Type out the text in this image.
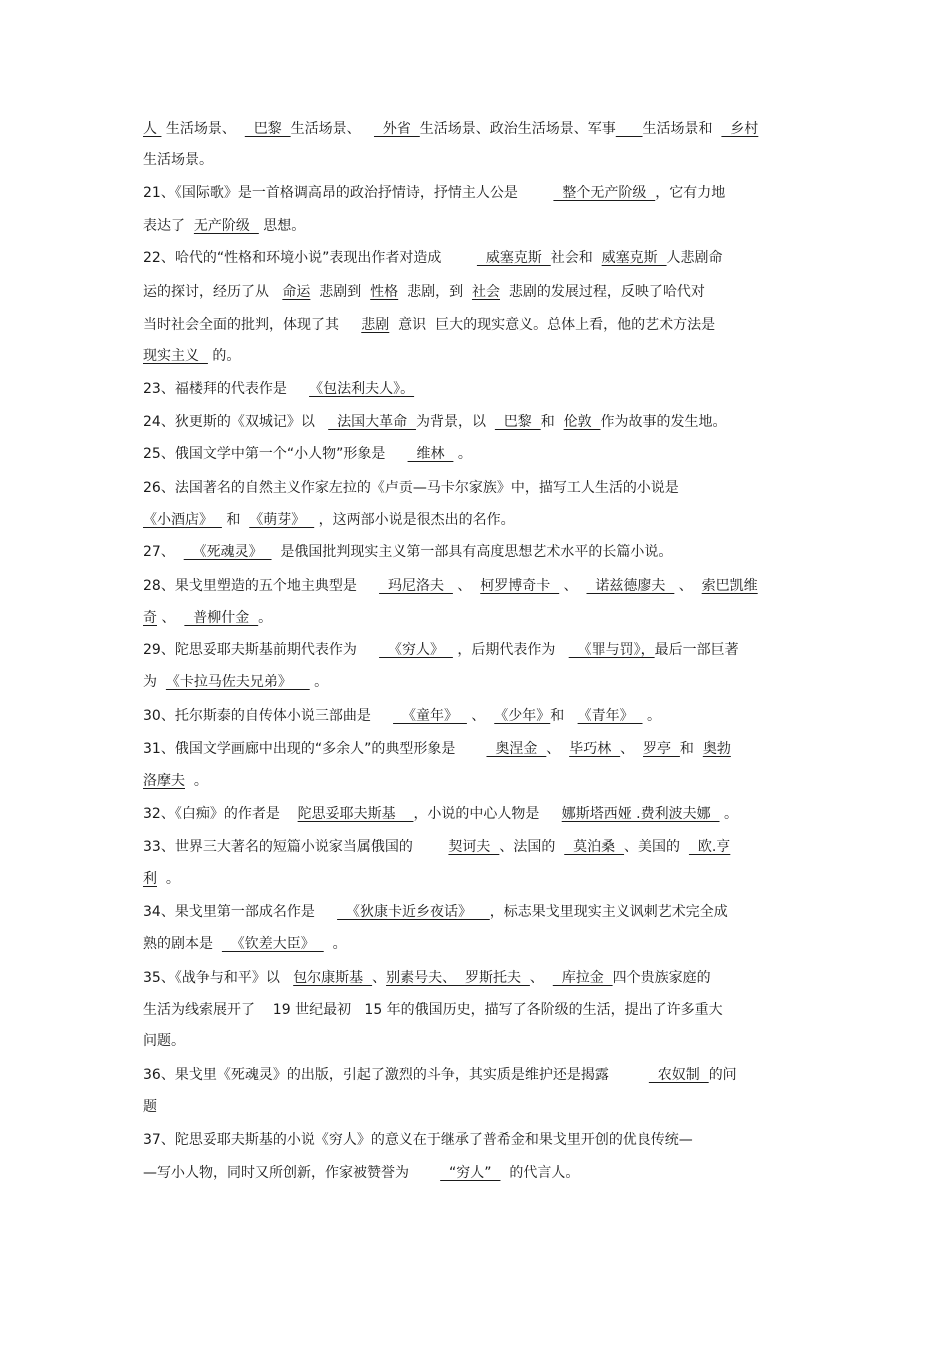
人  生活场景、    巴黎  生活场景、     外省  生活场景、政治生活场景、军事 生活场景和    乡村
生活场景。
21、《国际歌》是一首格调高昂的政治抒情诗，抒情主人公是          整个无产阶级  ，它有力地
表达了  无产阶级   思想。
22、哈代的“性格和环境小说”表现出作者对造成          威塞克斯  社会和  威塞克斯  人悲剧命
运的探讨，经历了从   命运  悲剧到  性格  悲剧，到  社会  悲剧的发展过程，反映了哈代对
当时社会全面的批判，体现了其     悲剧  意识  巨大的现实意义。总体上看，他的艺术方法是
现实主义   的。
23、福楼拜的代表作是     《包法利夫人》。
24、狄更斯的《双城记》以     法国大革命  为背景，以    巴黎  和  伦敦  作为故事的发生地。
25、俄国文学中第一个“小人物”形象是       维林   。
26、法国著名的自然主义作家左拉的《卢贡—马卡尔家族》中，描写工人生活的小说是
《小酒店》   和  《萌芽》   ，这两部小说是很杰出的名作。
27、    《死魂灵》    是俄国批判现实主义第一部具有高度思想艺术水平的长篇小说。
28、果戈里塑造的五个地主典型是       玛尼洛夫   、  柯罗博奇卡   、    诺兹德廖夫   、  索巴凯维
奇 、    普柳什金  。
29、陀思妥耶夫斯基前期代表作为       《穷人》   ，后期代表作为     《罪与罚》，最后一部巨著
为  《卡拉马佐夫兄弟》     。
30、托尔斯泰的自传体小说三部曲是       《童年》   、  《少年》和   《青年》   。
31、俄国文学画廊中出现的“多余人”的典型形象是         奥涅金  、  毕巧林  、  罗亭  和  奥勃
洛摩夫  。
32、《白痴》的作者是    陀思妥耶夫斯基    ，小说的中心人物是     娜斯塔西娅 .费利波夫娜   。
33、世界三大著名的短篇小说家当属俄国的        契诃夫  、法国的    莫泊桑  、美国的    欧.亨
利  。
34、果戈里第一部成名作是       《狄康卡近乡夜话》    ，标志果戈里现实主义讽刺艺术完全成
熟的剧本是    《钦差大臣》    。
35、《战争与和平》以   包尔康斯基  、别素号夫、  罗斯托夫  、    库拉金  四个贵族家庭的
生活为线索展开了    19 世纪最初   15 年的俄国历史，描写了各阶级的生活，提出了许多重大
问题。
36、果戈里《死魂灵》的出版，引起了激烈的斗争，其实质是维护还是揭露           农奴制  的问
题
37、陀思妥耶夫斯基的小说《穷人》的意义在于继承了普希金和果戈里开创的优良传统—
—写小人物，同时又所创新，作家被赞誉为         “穷人”    的代言人。
